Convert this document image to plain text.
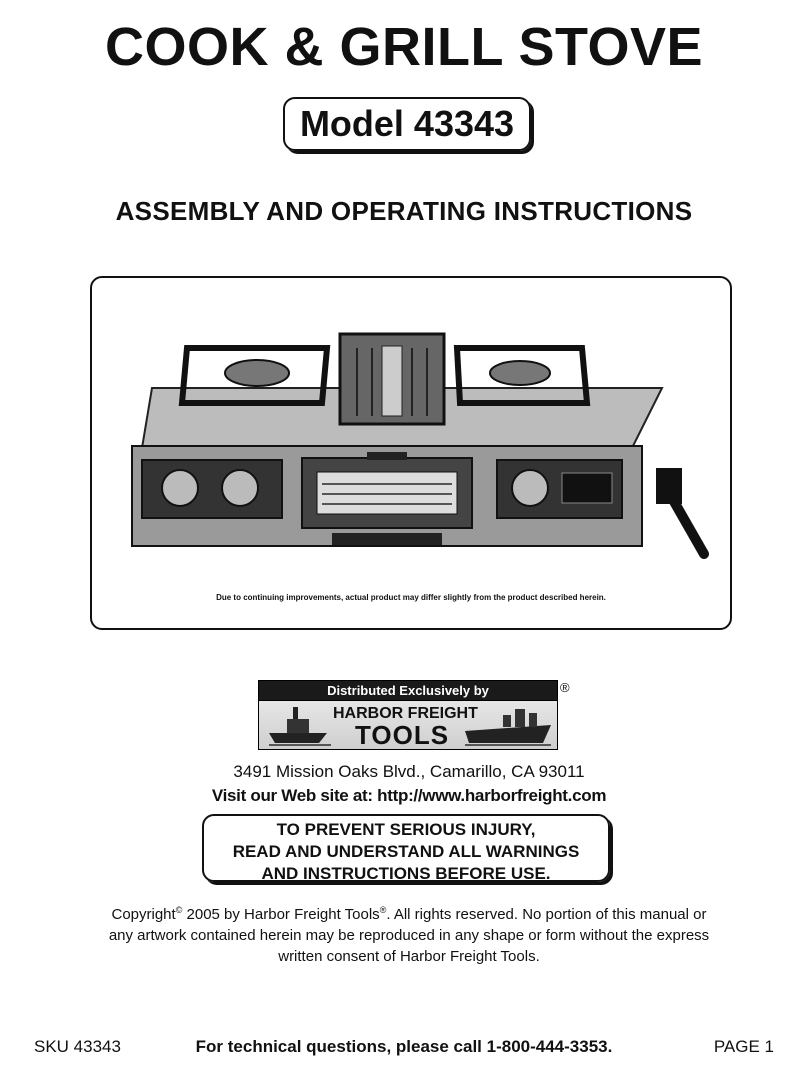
COOK & GRILL STOVE
Model 43343
ASSEMBLY AND OPERATING INSTRUCTIONS
Due to continuing improvements, actual product may differ slightly from the product described herein.
Distributed Exclusively by
HARBOR FREIGHT
TOOLS
®
3491 Mission Oaks Blvd., Camarillo, CA 93011
Visit our Web site at: http://www.harborfreight.com
TO PREVENT SERIOUS INJURY,
READ AND UNDERSTAND ALL WARNINGS
AND INSTRUCTIONS BEFORE USE.
Copyright© 2005 by Harbor Freight Tools®. All rights reserved. No portion of this manual or any artwork contained herein may be reproduced in any shape or form without the express written consent of Harbor Freight Tools.
SKU 43343	For technical questions, please call 1-800-444-3353.	PAGE 1
